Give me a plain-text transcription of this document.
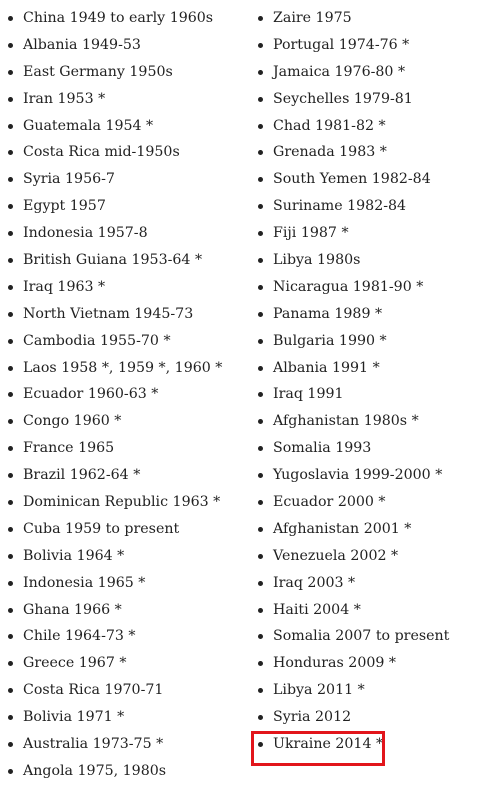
China 1949 to early 1960s
Albania 1949-53
East Germany 1950s
Iran 1953 *
Guatemala 1954 *
Costa Rica mid-1950s
Syria 1956-7
Egypt 1957
Indonesia 1957-8
British Guiana 1953-64 *
Iraq 1963 *
North Vietnam 1945-73
Cambodia 1955-70 *
Laos 1958 *, 1959 *, 1960 *
Ecuador 1960-63 *
Congo 1960 *
France 1965
Brazil 1962-64 *
Dominican Republic 1963 *
Cuba 1959 to present
Bolivia 1964 *
Indonesia 1965 *
Ghana 1966 *
Chile 1964-73 *
Greece 1967 *
Costa Rica 1970-71
Bolivia 1971 *
Australia 1973-75 *
Angola 1975, 1980s
Zaire 1975
Portugal 1974-76 *
Jamaica 1976-80 *
Seychelles 1979-81
Chad 1981-82 *
Grenada 1983 *
South Yemen 1982-84
Suriname 1982-84
Fiji 1987 *
Libya 1980s
Nicaragua 1981-90 *
Panama 1989 *
Bulgaria 1990 *
Albania 1991 *
Iraq 1991
Afghanistan 1980s *
Somalia 1993
Yugoslavia 1999-2000 *
Ecuador 2000 *
Afghanistan 2001 *
Venezuela 2002 *
Iraq 2003 *
Haiti 2004 *
Somalia 2007 to present
Honduras 2009 *
Libya 2011 *
Syria 2012
Ukraine 2014 *
